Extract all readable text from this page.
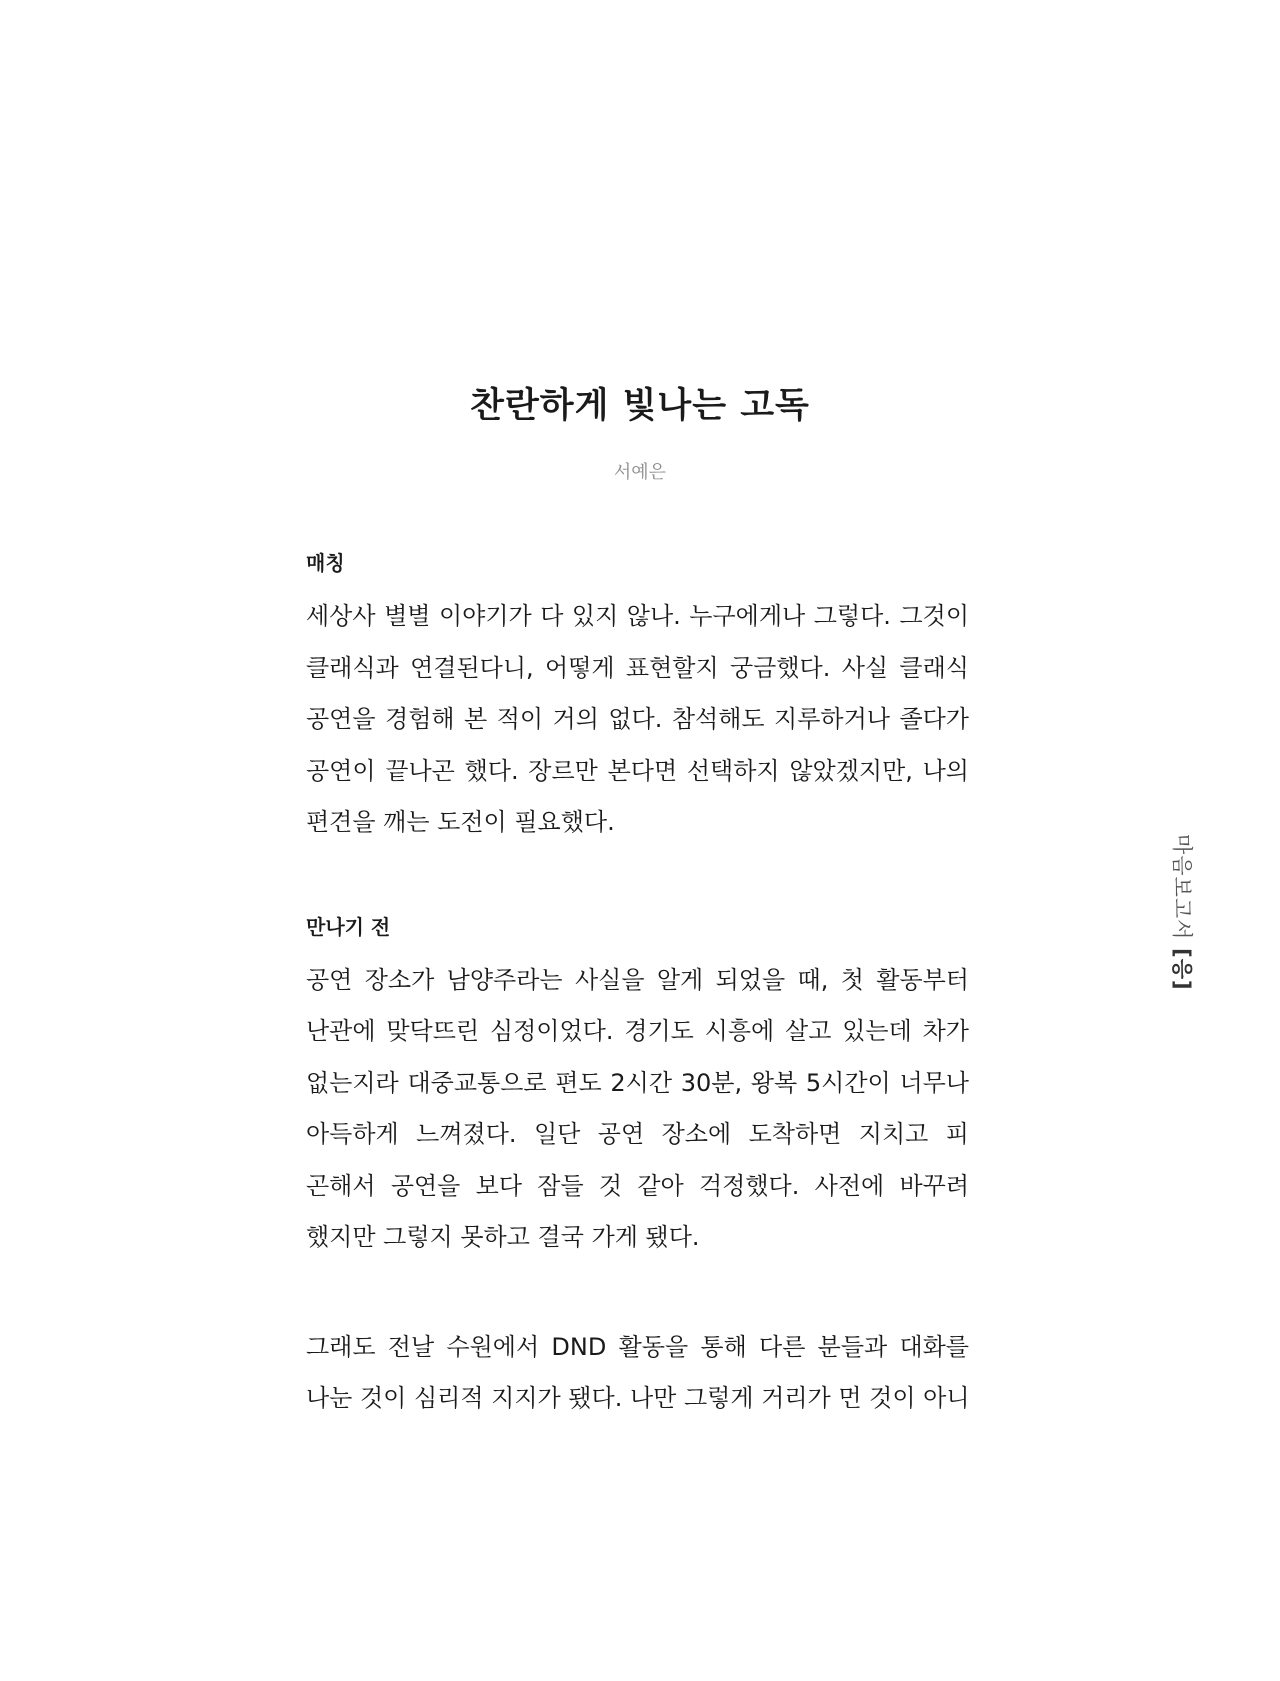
찬란하게 빛나는 고독
서예은
매칭
세상사 별별 이야기가 다 있지 않나. 누구에게나 그렇다. 그것이
클래식과 연결된다니, 어떻게 표현할지 궁금했다. 사실 클래식
공연을 경험해 본 적이 거의 없다. 참석해도 지루하거나 졸다가
공연이 끝나곤 했다. 장르만 본다면 선택하지 않았겠지만, 나의
편견을 깨는 도전이 필요했다.
만나기 전
공연 장소가 남양주라는 사실을 알게 되었을 때, 첫 활동부터
난관에 맞닥뜨린 심정이었다. 경기도 시흥에 살고 있는데 차가
없는지라 대중교통으로 편도 2시간 30분, 왕복 5시간이 너무나
아득하게 느껴졌다. 일단 공연 장소에 도착하면 지치고 피
곤해서 공연을 보다 잠들 것 같아 걱정했다. 사전에 바꾸려
했지만 그렇지 못하고 결국 가게 됐다.
그래도 전날 수원에서 DND 활동을 통해 다른 분들과 대화를
나눈 것이 심리적 지지가 됐다. 나만 그렇게 거리가 먼 것이 아니
마음보고서 [응]
